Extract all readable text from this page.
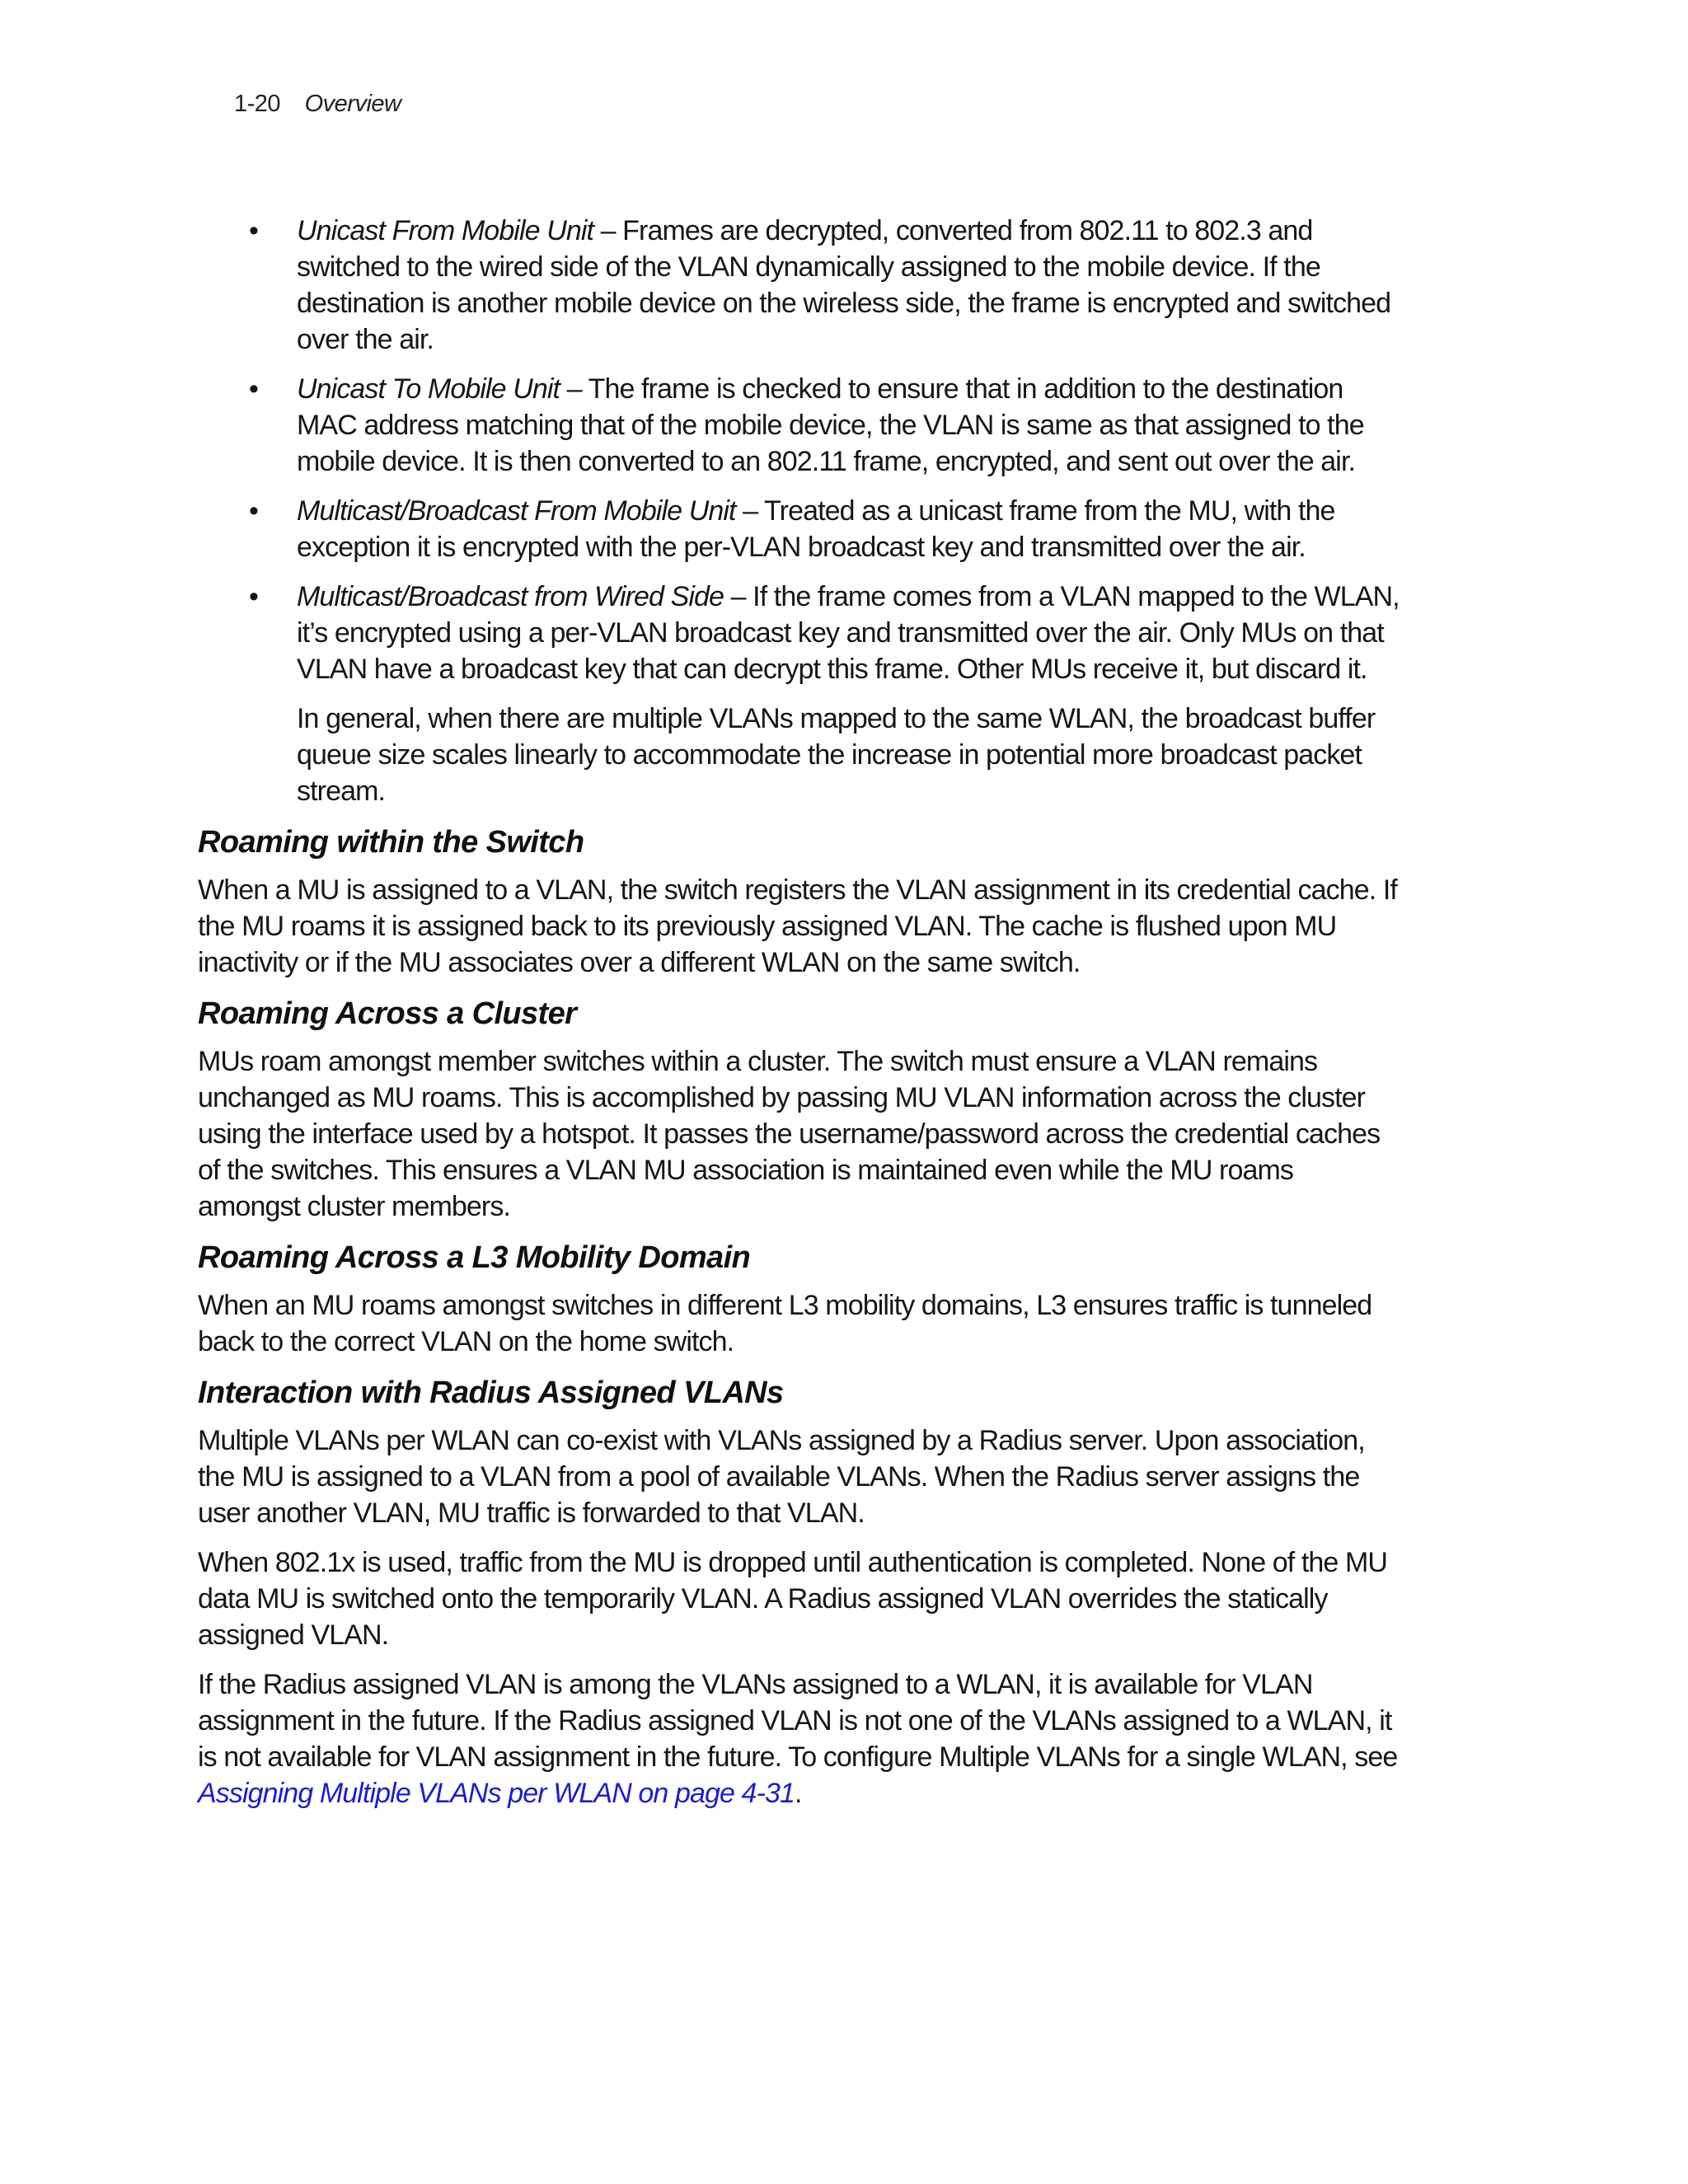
1-20 Overview
• Unicast From Mobile Unit – Frames are decrypted, converted from 802.11 to 802.3 and switched to the wired side of the VLAN dynamically assigned to the mobile device. If the destination is another mobile device on the wireless side, the frame is encrypted and switched over the air.
• Unicast To Mobile Unit – The frame is checked to ensure that in addition to the destination MAC address matching that of the mobile device, the VLAN is same as that assigned to the mobile device. It is then converted to an 802.11 frame, encrypted, and sent out over the air.
• Multicast/Broadcast From Mobile Unit – Treated as a unicast frame from the MU, with the exception it is encrypted with the per-VLAN broadcast key and transmitted over the air.
• Multicast/Broadcast from Wired Side – If the frame comes from a VLAN mapped to the WLAN, it’s encrypted using a per-VLAN broadcast key and transmitted over the air. Only MUs on that VLAN have a broadcast key that can decrypt this frame. Other MUs receive it, but discard it.

In general, when there are multiple VLANs mapped to the same WLAN, the broadcast buffer queue size scales linearly to accommodate the increase in potential more broadcast packet stream.

Roaming within the Switch

When a MU is assigned to a VLAN, the switch registers the VLAN assignment in its credential cache. If the MU roams it is assigned back to its previously assigned VLAN. The cache is flushed upon MU inactivity or if the MU associates over a different WLAN on the same switch.

Roaming Across a Cluster

MUs roam amongst member switches within a cluster. The switch must ensure a VLAN remains unchanged as MU roams. This is accomplished by passing MU VLAN information across the cluster using the interface used by a hotspot. It passes the username/password across the credential caches of the switches. This ensures a VLAN MU association is maintained even while the MU roams amongst cluster members.

Roaming Across a L3 Mobility Domain

When an MU roams amongst switches in different L3 mobility domains, L3 ensures traffic is tunneled back to the correct VLAN on the home switch.

Interaction with Radius Assigned VLANs

Multiple VLANs per WLAN can co-exist with VLANs assigned by a Radius server. Upon association, the MU is assigned to a VLAN from a pool of available VLANs. When the Radius server assigns the user another VLAN, MU traffic is forwarded to that VLAN.

When 802.1x is used, traffic from the MU is dropped until authentication is completed. None of the MU data MU is switched onto the temporarily VLAN. A Radius assigned VLAN overrides the statically assigned VLAN.

If the Radius assigned VLAN is among the VLANs assigned to a WLAN, it is available for VLAN assignment in the future. If the Radius assigned VLAN is not one of the VLANs assigned to a WLAN, it is not available for VLAN assignment in the future. To configure Multiple VLANs for a single WLAN, see
Assigning Multiple VLANs per WLAN on page 4-31.
